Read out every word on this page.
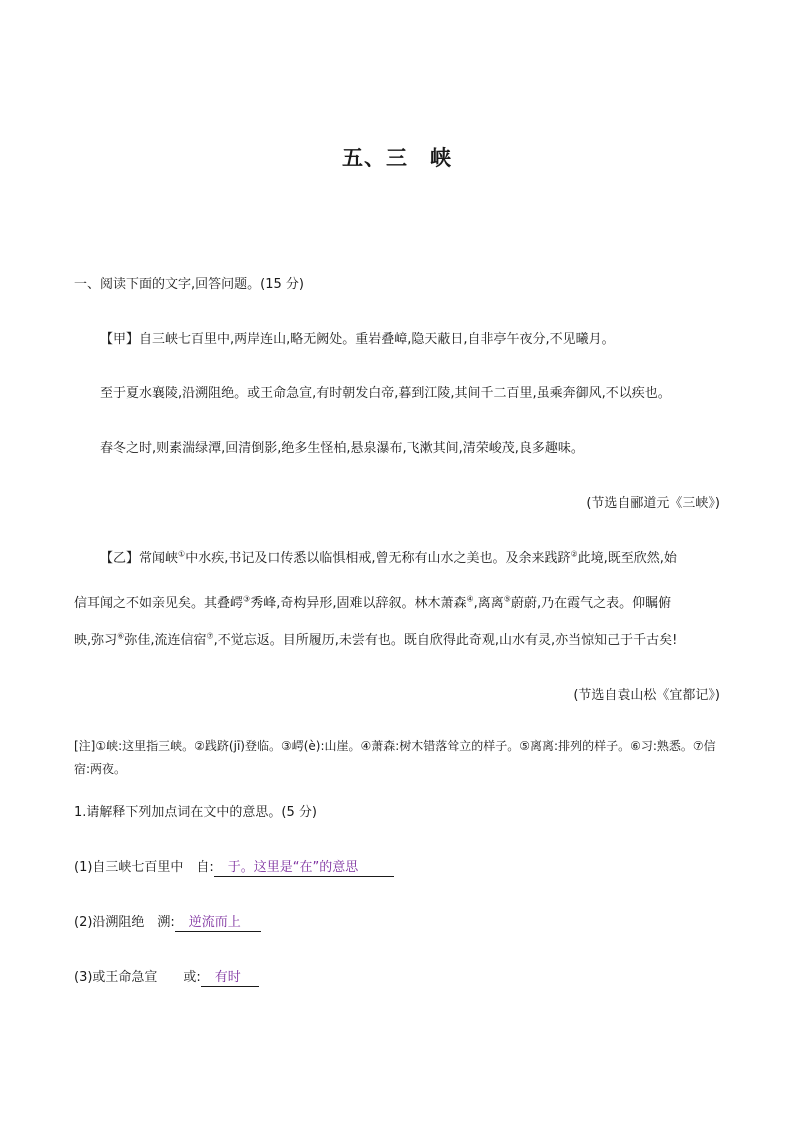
五、三　峡
一、阅读下面的文字,回答问题。(15 分)
【甲】自三峡七百里中,两岸连山,略无阙处。重岩叠嶂,隐天蔽日,自非亭午夜分,不见曦月。
至于夏水襄陵,沿溯阻绝。或王命急宣,有时朝发白帝,暮到江陵,其间千二百里,虽乘奔御风,不以疾也。
春冬之时,则素湍绿潭,回清倒影,绝多生怪柏,悬泉瀑布,飞漱其间,清荣峻茂,良多趣味。
(节选自郦道元《三峡》)
【乙】常闻峡①中水疾,书记及口传悉以临惧相戒,曾无称有山水之美也。及余来践跻②此境,既至欣然,始
信耳闻之不如亲见矣。其叠崿③秀峰,奇构异形,固难以辞叙。林木萧森④,离离⑤蔚蔚,乃在霞气之表。仰瞩俯
映,弥习⑥弥佳,流连信宿⑦,不觉忘返。目所履历,未尝有也。既自欣得此奇观,山水有灵,亦当惊知己于千古矣!
(节选自袁山松《宜都记》)
[注]①峡:这里指三峡。②践跻(jī)登临。③崿(è):山崖。④萧森:树木错落耸立的样子。⑤离离:排列的样子。⑥习:熟悉。⑦信
宿:两夜。
1.请解释下列加点词在文中的意思。(5 分)
(1)自三峡七百里中　自: 于。这里是“在”的意思
(2)沿溯阻绝　溯: 逆流而上
(3)或王命急宣　　或: 有时
